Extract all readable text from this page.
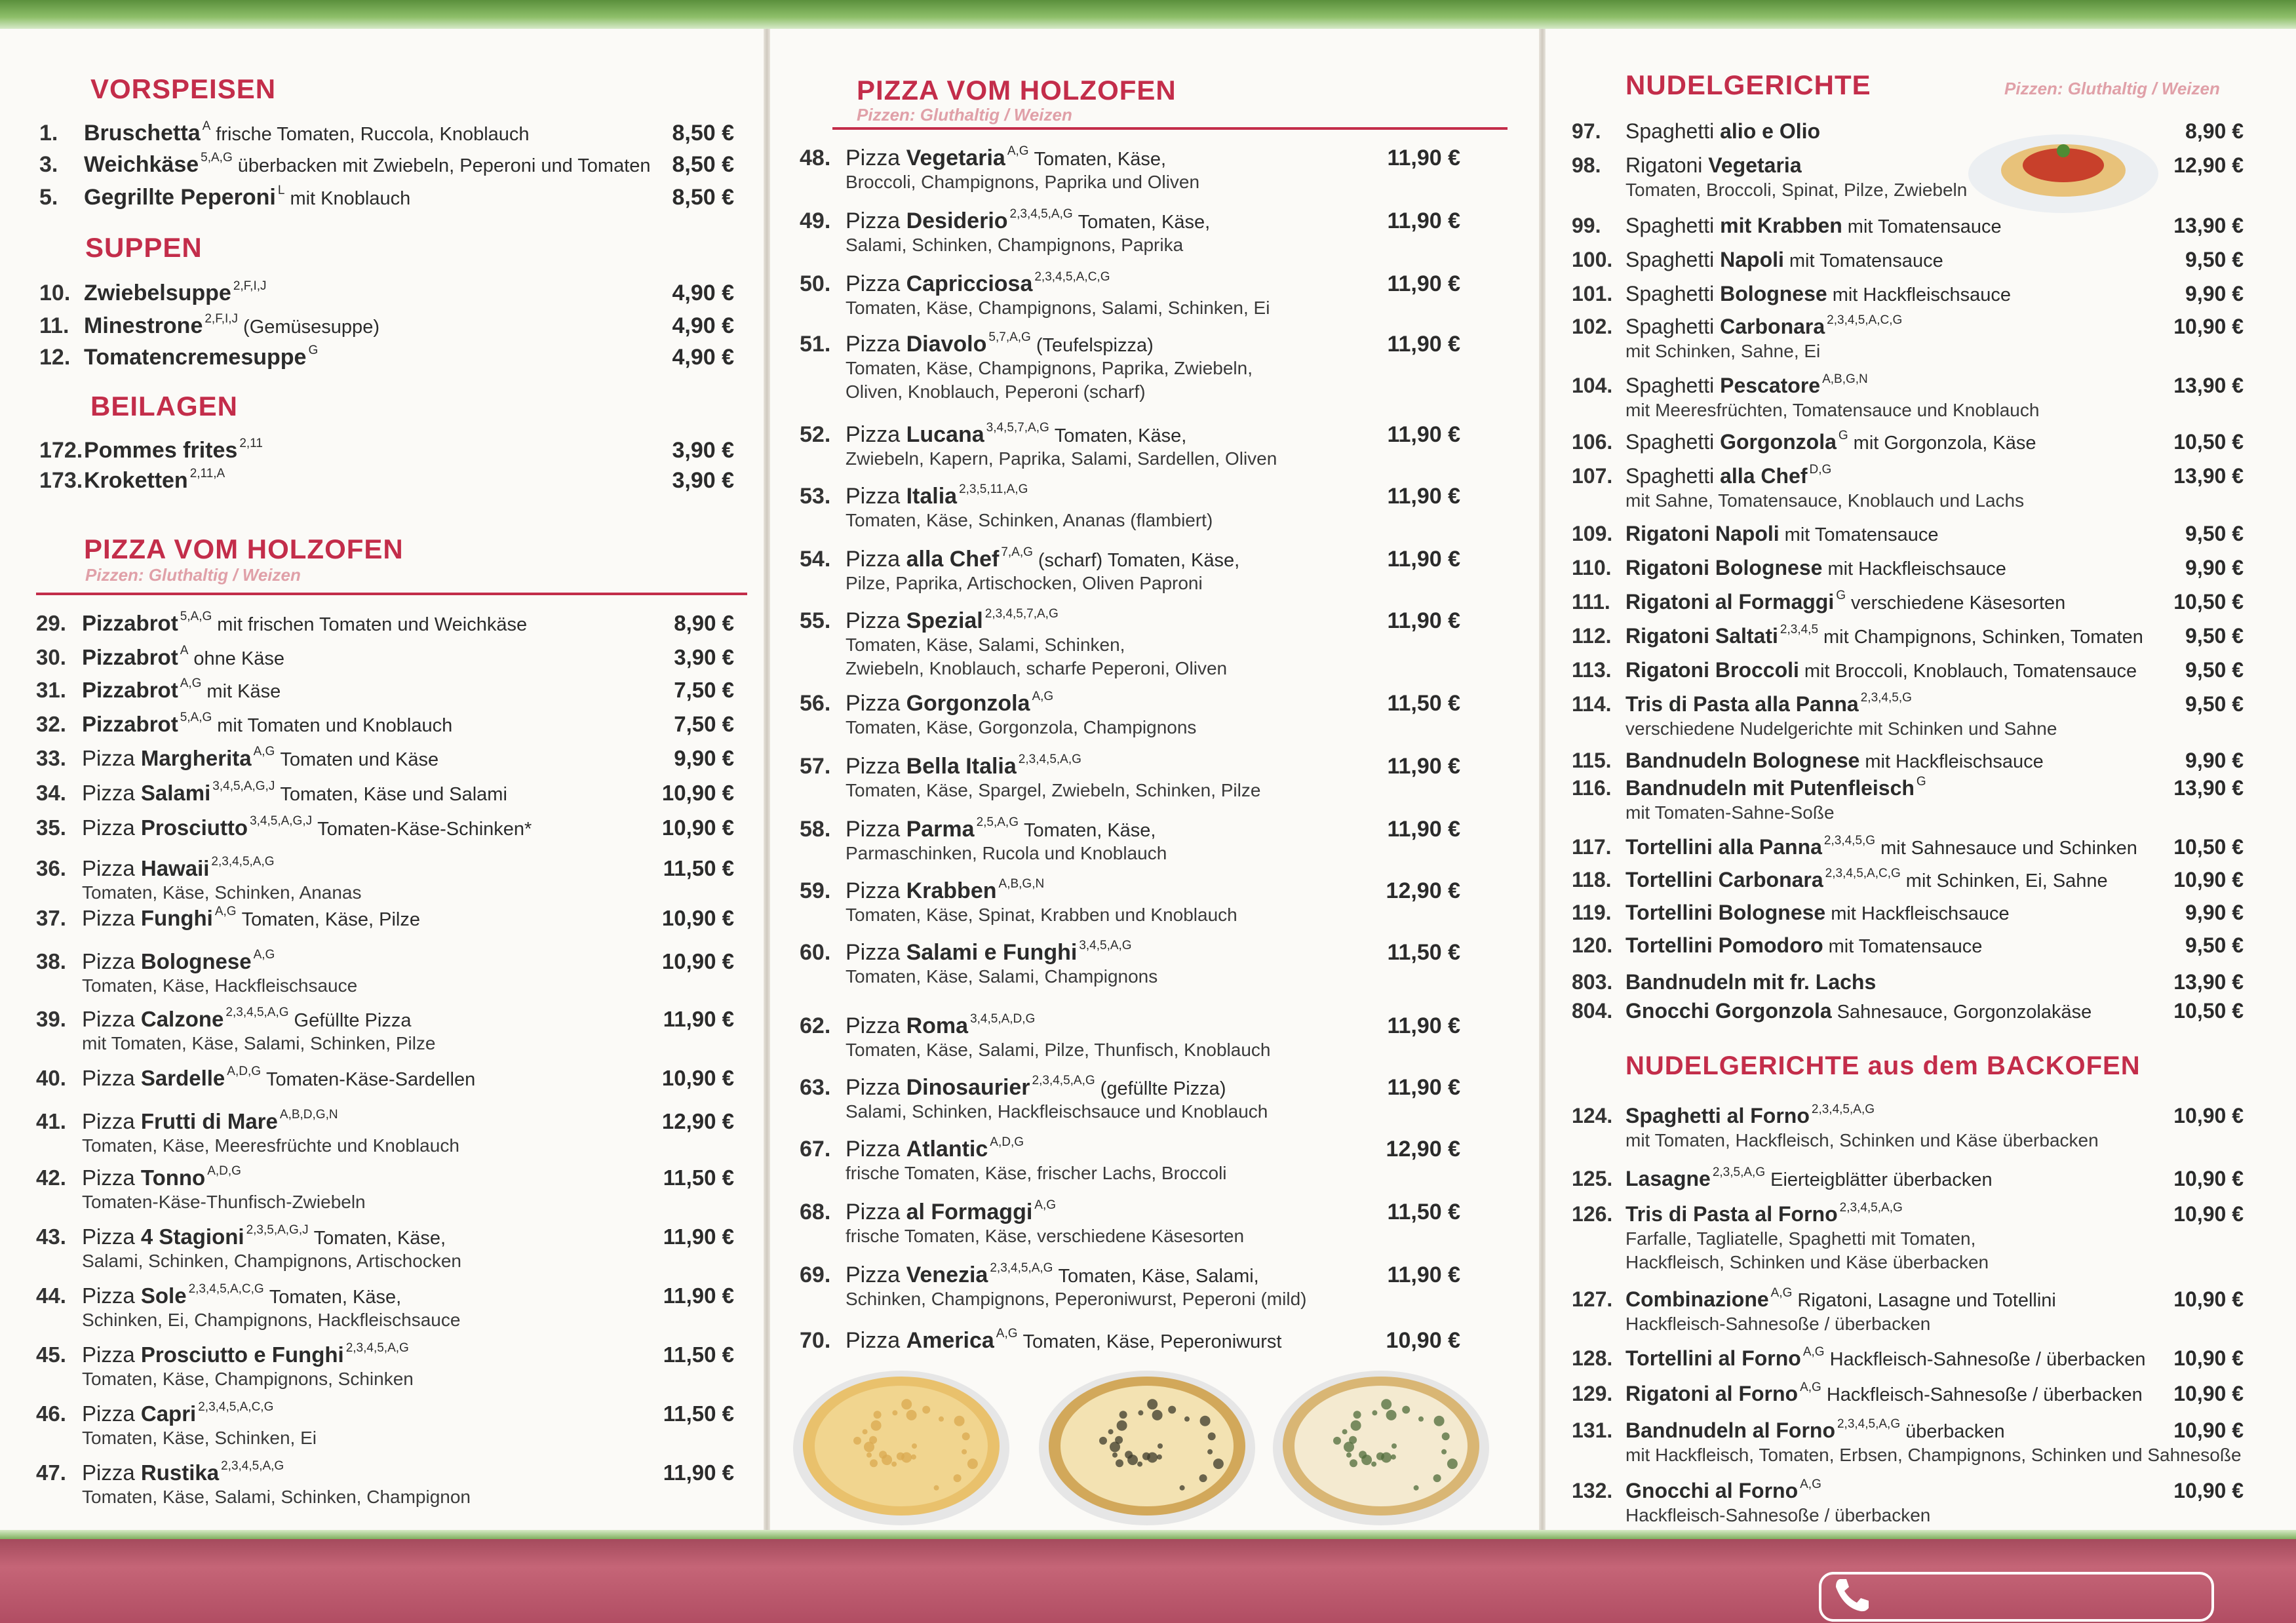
VORSPEISEN
1. Bruschetta $^A$ frische Tomaten, Ruccola, Knoblauch	8,50 €
3. Weichkäse $^{5,A,G}$ überbacken mit Zwiebeln, Peperoni und Tomaten 8,50 €
5. Gegrillte Peperoni $^L$ mit Knoblauch	8,50 €
SUPPEN
10. Zwiebelsuppe $^{2,F,I,J}$	4,90 €
11. Minestrone $^{2,F,I,J}$ (Gemüsesuppe)	4,90 €
12. Tomatencremesuppe $^G$	4,90 €
BEILAGEN
172. Pommes frites $^{2,11}$	3,90 €
173. Kroketten $^{2,11,A}$	3,90 €
PIZZA VOM HOLZOFEN
Pizzen: Gluthaltig / Weizen
29. Pizzabrot $^{5,A,G}$ mit frischen Tomaten und Weichkäse	8,90 €
30. Pizzabrot $^A$ ohne Käse	3,90 €
31. Pizzabrot $^{A,G}$ mit Käse	7,50 €
32. Pizzabrot $^{5,A,G}$ mit Tomaten und Knoblauch	7,50 €
33. Pizza Margherita $^{A,G}$ Tomaten und Käse	9,90 €
34. Pizza Salami $^{3,4,5,A,G,J}$ Tomaten, Käse und Salami	10,90 €
35. Pizza Prosciutto $^{3,4,5,A,G,J}$ Tomaten-Käse-Schinken*	10,90 €
36. Pizza Hawaii $^{2,3,4,5,A,G}$	11,50 €
Tomaten, Käse, Schinken, Ananas
37. Pizza Funghi $^{A,G}$ Tomaten, Käse, Pilze	10,90 €
38. Pizza Bolognese $^{A,G}$	10,90 €
Tomaten, Käse, Hackfleischsauce
39. Pizza Calzone $^{2,3,4,5,A,G}$ Gefüllte Pizza	11,90 €
mit Tomaten, Käse, Salami, Schinken, Pilze
40. Pizza Sardelle $^{A,D,G}$ Tomaten-Käse-Sardellen	10,90 €
41. Pizza Frutti di Mare $^{A,B,D,G,N}$	12,90 €
Tomaten, Käse, Meeresfrüchte und Knoblauch
42. Pizza Tonno $^{A,D,G}$	11,50 €
Tomaten-Käse-Thunfisch-Zwiebeln
43. Pizza 4 Stagioni $^{2,3,5,A,G,J}$ Tomaten, Käse,	11,90 €
Salami, Schinken, Champignons, Artischocken
44. Pizza Sole $^{2,3,4,5,A,C,G}$ Tomaten, Käse,	11,90 €
Schinken, Ei, Champignons, Hackfleischsauce
45. Pizza Prosciutto e Funghi $^{2,3,4,5,A,G}$	11,50 €
Tomaten, Käse, Champignons, Schinken
46. Pizza Capri $^{2,3,4,5,A,C,G}$	11,50 €
Tomaten, Käse, Schinken, Ei
47. Pizza Rustika $^{2,3,4,5,A,G}$	11,90 €
Tomaten, Käse, Salami, Schinken, Champignon
PIZZA VOM HOLZOFEN
Pizzen: Gluthaltig / Weizen
48. Pizza Vegetaria $^{A,G}$ Tomaten, Käse,	11,90 €
Broccoli, Champignons, Paprika und Oliven
49. Pizza Desiderio $^{2,3,4,5,A,G}$ Tomaten, Käse,	11,90 €
Salami, Schinken, Champignons, Paprika
50. Pizza Capricciosa $^{2,3,4,5,A,C,G}$	11,90 €
Tomaten, Käse, Champignons, Salami, Schinken, Ei
51. Pizza Diavolo $^{5,7,A,G}$ (Teufelspizza)	11,90 €
Tomaten, Käse, Champignons, Paprika, Zwiebeln,
Oliven, Knoblauch, Peperoni (scharf)
52. Pizza Lucana $^{3,4,5,7,A,G}$ Tomaten, Käse,	11,90 €
Zwiebeln, Kapern, Paprika, Salami, Sardellen, Oliven
53. Pizza Italia $^{2,3,5,11,A,G}$	11,90 €
Tomaten, Käse, Schinken, Ananas (flambiert)
54. Pizza alla Chef $^{7,A,G}$ (scharf) Tomaten, Käse,	11,90 €
Pilze, Paprika, Artischocken, Oliven Paproni
55. Pizza Spezial $^{2,3,4,5,7,A,G}$	11,90 €
Tomaten, Käse, Salami, Schinken,
Zwiebeln, Knoblauch, scharfe Peperoni, Oliven
56. Pizza Gorgonzola $^{A,G}$	11,50 €
Tomaten, Käse, Gorgonzola, Champignons
57. Pizza Bella Italia $^{2,3,4,5,A,G}$	11,90 €
Tomaten, Käse, Spargel, Zwiebeln, Schinken, Pilze
58. Pizza Parma $^{2,5,A,G}$ Tomaten, Käse,	11,90 €
Parmaschinken, Rucola und Knoblauch
59. Pizza Krabben $^{A,B,G,N}$	12,90 €
Tomaten, Käse, Spinat, Krabben und Knoblauch
60. Pizza Salami e Funghi $^{3,4,5,A,G}$	11,50 €
Tomaten, Käse, Salami, Champignons
62. Pizza Roma $^{3,4,5,A,D,G}$	11,90 €
Tomaten, Käse, Salami, Pilze, Thunfisch, Knoblauch
63. Pizza Dinosaurier $^{2,3,4,5,A,G}$ (gefüllte Pizza)	11,90 €
Salami, Schinken, Hackfleischsauce und Knoblauch
67. Pizza Atlantic $^{A,D,G}$	12,90 €
frische Tomaten, Käse, frischer Lachs, Broccoli
68. Pizza al Formaggi $^{A,G}$	11,50 €
frische Tomaten, Käse, verschiedene Käsesorten
69. Pizza Venezia $^{2,3,4,5,A,G}$ Tomaten, Käse, Salami,	11,90 €
Schinken, Champignons, Peperoniwurst, Peperoni (mild)
70. Pizza America $^{A,G}$ Tomaten, Käse, Peperoniwurst	10,90 €
NUDELGERICHTE	Pizzen: Gluthaltig / Weizen
97. Spaghetti alio e Olio	8,90 €
98. Rigatoni Vegetaria	12,90 €
Tomaten, Broccoli, Spinat, Pilze, Zwiebeln
99. Spaghetti mit Krabben mit Tomatensauce	13,90 €
100. Spaghetti Napoli mit Tomatensauce	9,50 €
101. Spaghetti Bolognese mit Hackfleischsauce	9,90 €
102. Spaghetti Carbonara $^{2,3,4,5,A,C,G}$	10,90 €
mit Schinken, Sahne, Ei
104. Spaghetti Pescatore $^{A,B,G,N}$	13,90 €
mit Meeresfrüchten, Tomatensauce und Knoblauch
106. Spaghetti Gorgonzola $^G$ mit Gorgonzola, Käse	10,50 €
107. Spaghetti alla Chef $^{D,G}$	13,90 €
mit Sahne, Tomatensauce, Knoblauch und Lachs
109. Rigatoni Napoli mit Tomatensauce	9,50 €
110. Rigatoni Bolognese mit Hackfleischsauce	9,90 €
111. Rigatoni al Formaggi $^G$ verschiedene Käsesorten	10,50 €
112. Rigatoni Saltati $^{2,3,4,5}$ mit Champignons, Schinken, Tomaten 9,50 €
113. Rigatoni Broccoli mit Broccoli, Knoblauch, Tomatensauce 9,50 €
114. Tris di Pasta alla Panna $^{2,3,4,5,G}$	9,50 €
verschiedene Nudelgerichte mit Schinken und Sahne
115. Bandnudeln Bolognese mit Hackfleischsauce	9,90 €
116. Bandnudeln mit Putenfleisch $^G$	13,90 €
mit Tomaten-Sahne-Soße
117. Tortellini alla Panna $^{2,3,4,5,G}$ mit Sahnesauce und Schinken 10,50 €
118. Tortellini Carbonara $^{2,3,4,5,A,C,G}$ mit Schinken, Ei, Sahne	10,90 €
119. Tortellini Bolognese mit Hackfleischsauce	9,90 €
120. Tortellini Pomodoro mit Tomatensauce	9,50 €
803. Bandnudeln mit fr. Lachs	13,90 €
804. Gnocchi Gorgonzola Sahnesauce, Gorgonzolakäse	10,50 €
NUDELGERICHTE aus dem BACKOFEN
124. Spaghetti al Forno $^{2,3,4,5,A,G}$	10,90 €
mit Tomaten, Hackfleisch, Schinken und Käse überbacken
125. Lasagne $^{2,3,5,A,G}$ Eierteigblätter überbacken	10,90 €
126. Tris di Pasta al Forno $^{2,3,4,5,A,G}$	10,90 €
Farfalle, Tagliatelle, Spaghetti mit Tomaten,
Hackfleisch, Schinken und Käse überbacken
127. Combinazione $^{A,G}$ Rigatoni, Lasagne und Totellini	10,90 €
Hackfleisch-Sahnesoße / überbacken
128. Tortellini al Forno $^{A,G}$ Hackfleisch-Sahnesoße / überbacken 10,90 €
129. Rigatoni al Forno $^{A,G}$ Hackfleisch-Sahnesoße / überbacken 10,90 €
131. Bandnudeln al Forno $^{2,3,4,5,A,G}$ überbacken	10,90 €
mit Hackfleisch, Tomaten, Erbsen, Champignons, Schinken und Sahnesoße
132. Gnocchi al Forno $^{A,G}$	10,90 €
Hackfleisch-Sahnesoße / überbacken
